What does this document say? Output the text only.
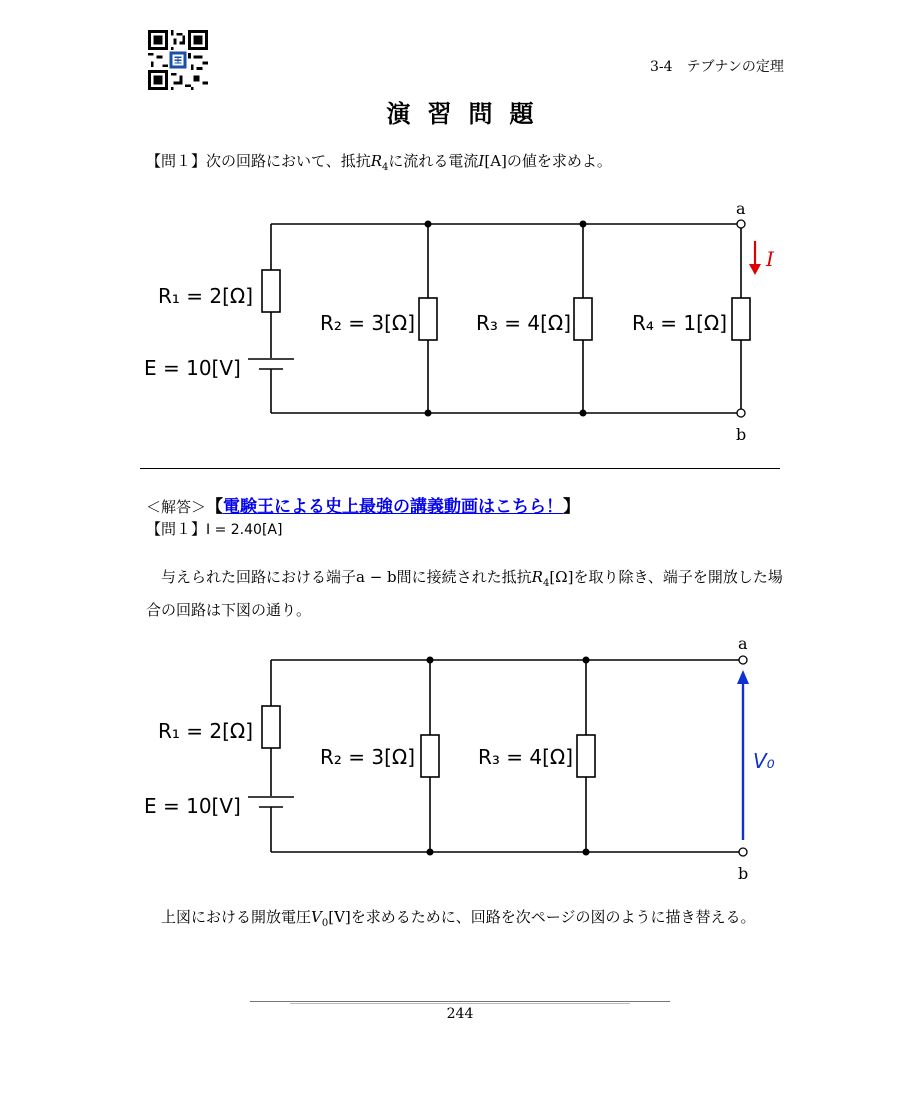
3-4　テブナンの定理
演習問題
【問１】次の回路において、抵抗$R_4$に流れる電流I[A]の値を求めよ。
I
a
b
R₁ = 2[Ω]
R₂ = 3[Ω]	R₃ = 4[Ω]	R₄ = 1[Ω]
E = 10[V]
＜解答＞【電験王による史上最強の講義動画はこちら！】
【問１】I = 2.40[A]
与えられた回路における端子a − b間に接続された抵抗$R_4[\Omega]$を取り除き、端子を開放した場合の回路は下図の通り。
V₀
a
b
R₁ = 2[Ω]
R₂ = 3[Ω]	R₃ = 4[Ω]
E = 10[V]
上図における開放電圧$V_0[V]$を求めるために、回路を次ページの図のように描き替える。
244
